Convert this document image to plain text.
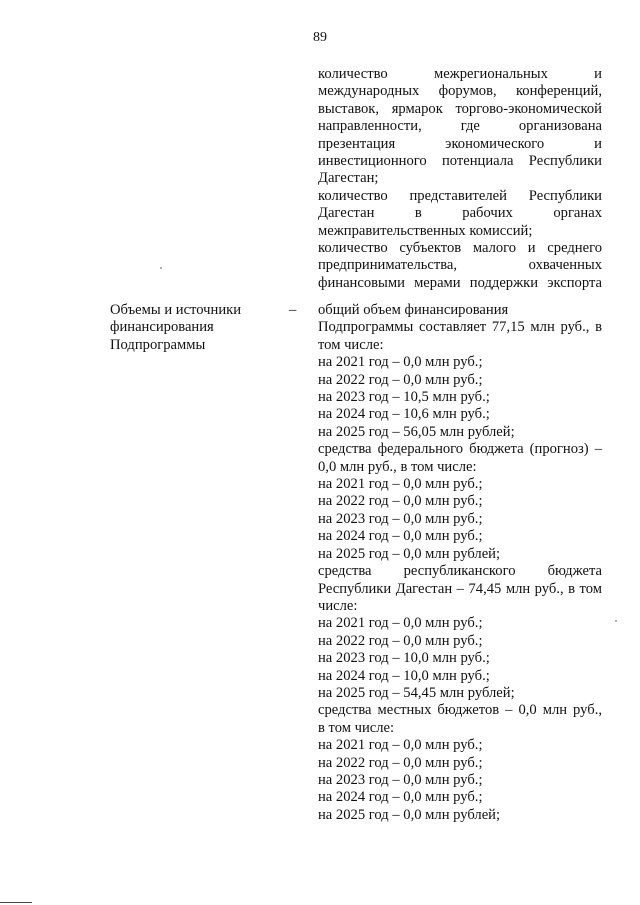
89
количество межрегиональных и
международных форумов, конференций,
выставок, ярмарок торгово-экономической
направленности, где организована
презентация экономического и
инвестиционного потенциала Республики
Дагестан;
количество представителей Республики
Дагестан в рабочих органах
межправительственных комиссий;
количество субъектов малого и среднего
предпринимательства, охваченных
финансовыми мерами поддержки экспорта
Объемы и источники
финансирования
Подпрограммы
– общий объем финансирования
Подпрограммы составляет 77,15 млн руб., в
том числе:
на 2021 год – 0,0 млн руб.;
на 2022 год – 0,0 млн руб.;
на 2023 год – 10,5 млн руб.;
на 2024 год – 10,6 млн руб.;
на 2025 год – 56,05 млн рублей;
средства федерального бюджета (прогноз) –
0,0 млн руб., в том числе:
на 2021 год – 0,0 млн руб.;
на 2022 год – 0,0 млн руб.;
на 2023 год – 0,0 млн руб.;
на 2024 год – 0,0 млн руб.;
на 2025 год – 0,0 млн рублей;
средства республиканского бюджета
Республики Дагестан – 74,45 млн руб., в том
числе:
на 2021 год – 0,0 млн руб.;
на 2022 год – 0,0 млн руб.;
на 2023 год – 10,0 млн руб.;
на 2024 год – 10,0 млн руб.;
на 2025 год – 54,45 млн рублей;
средства местных бюджетов – 0,0 млн руб.,
в том числе:
на 2021 год – 0,0 млн руб.;
на 2022 год – 0,0 млн руб.;
на 2023 год – 0,0 млн руб.;
на 2024 год – 0,0 млн руб.;
на 2025 год – 0,0 млн рублей;
